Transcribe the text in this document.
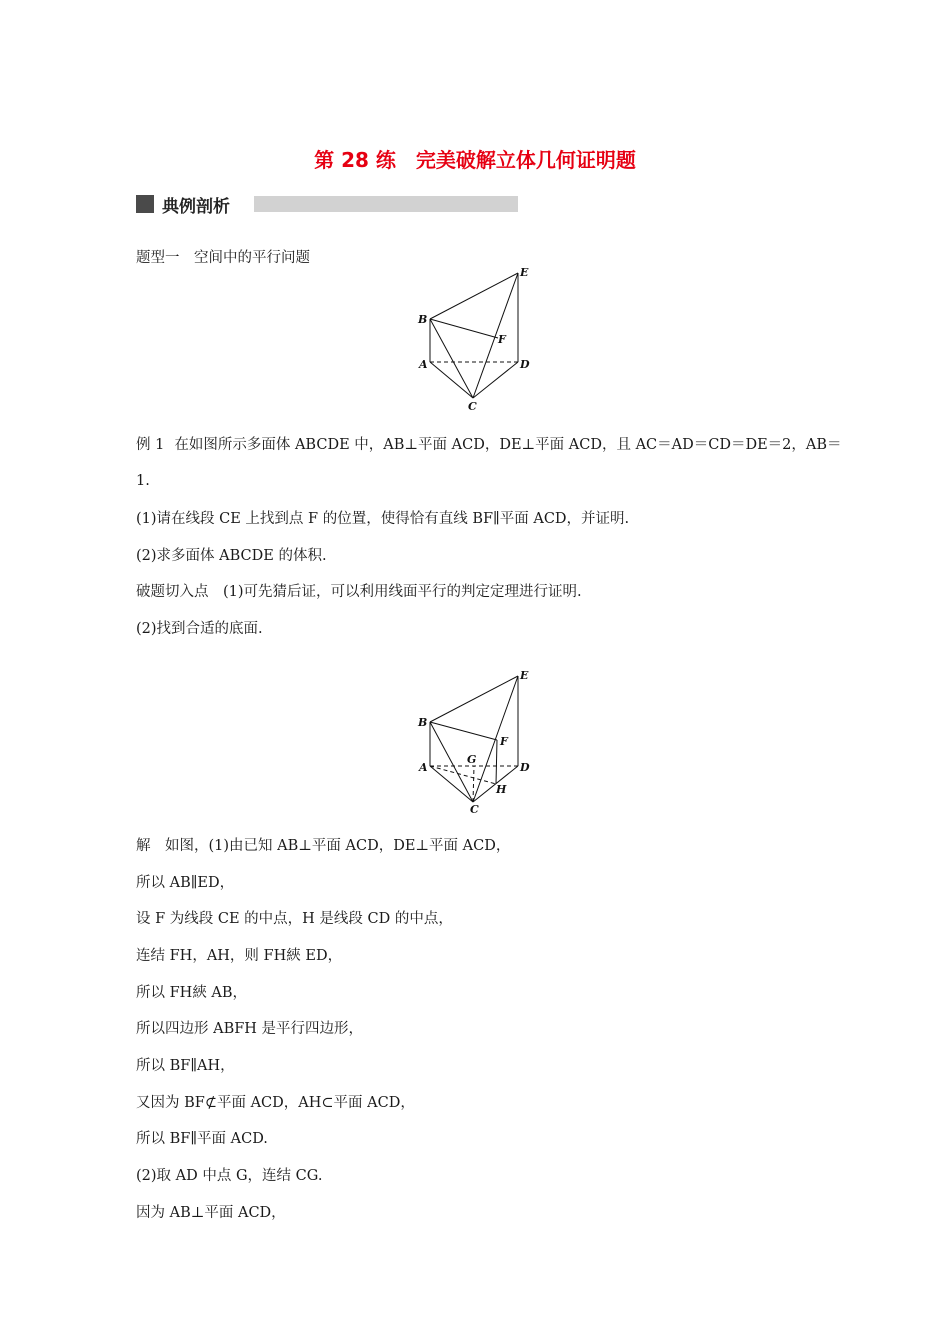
第 28 练　完美破解立体几何证明题
典例剖析
题型一　空间中的平行问题
E
B
F
A	D
C
例 1 在如图所示多面体 ABCDE 中，AB⊥平面 ACD，DE⊥平面 ACD，且 AC＝AD＝CD＝DE＝2，AB＝
1.
(1)请在线段 CE 上找到点 F 的位置，使得恰有直线 BF∥平面 ACD，并证明.
(2)求多面体 ABCDE 的体积.
破题切入点　(1)可先猜后证，可以利用线面平行的判定定理进行证明.
(2)找到合适的底面.
E
B
F
G
A	D
H
C
解　如图，(1)由已知 AB⊥平面 ACD，DE⊥平面 ACD，
所以 AB∥ED，
设 F 为线段 CE 的中点，H 是线段 CD 的中点，
连结 FH，AH，则 FH綊 ED，
所以 FH綊 AB，
所以四边形 ABFH 是平行四边形，
所以 BF∥AH，
又因为 BF⊄平面 ACD，AH⊂平面 ACD，
所以 BF∥平面 ACD.
(2)取 AD 中点 G，连结 CG.
因为 AB⊥平面 ACD，
